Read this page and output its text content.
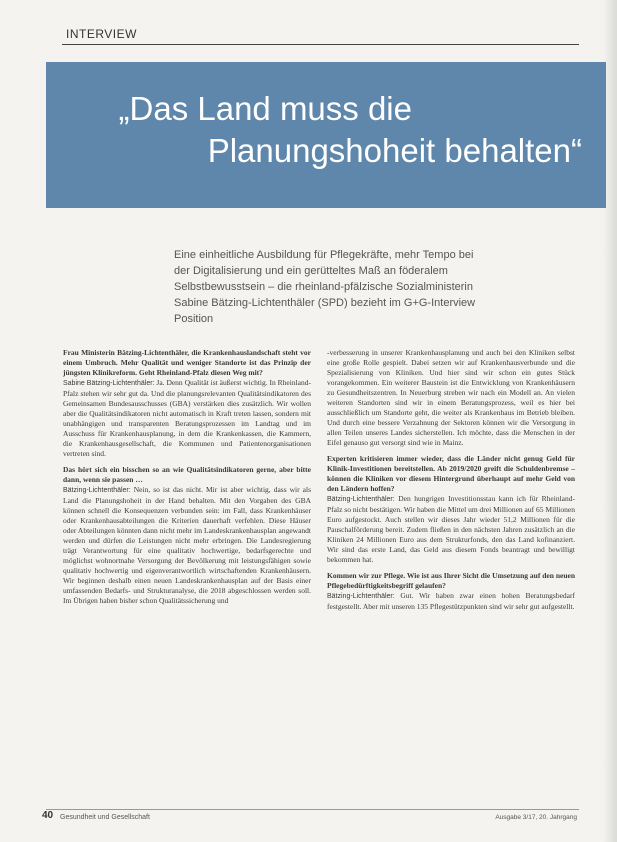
INTERVIEW
„Das Land muss die
Planungshoheit behalten“
Eine einheitliche Ausbildung für Pflegekräfte, mehr Tempo bei der Digitalisierung und ein gerütteltes Maß an föderalem Selbstbewusstsein – die rheinland-pfälzische Sozialministerin Sabine Bätzing-Lichtenthäler (SPD) bezieht im G+G-Interview Position

Frau Ministerin Bätzing-Lichtenthäler, die Krankenhauslandschaft steht vor einem Umbruch. Mehr Qualität und weniger Standorte ist das Prinzip der jüngsten Klinikreform. Geht Rheinland-Pfalz diesen Weg mit?

Sabine Bätzing-Lichtenthäler: Ja. Denn Qualität ist äußerst wichtig. In Rheinland-Pfalz stehen wir sehr gut da. Und die planungsrelevanten Qualitätsindikatoren des Gemeinsamen Bundesausschusses (GBA) verstärken dies zusätzlich. Wir wollen aber die Qualitätsindikatoren nicht automatisch in Kraft treten lassen, sondern mit unabhängigen und transparenten Beratungsprozessen im Landtag und im Ausschuss für Krankenhausplanung, in dem die Krankenkassen, die Kammern, die Krankenhausgesellschaft, die Kommunen und Patientenorganisationen vertreten sind.

Das hört sich ein bisschen so an wie Qualitätsindikatoren gerne, aber bitte dann, wenn sie passen …

Bätzing-Lichtenthäler: Nein, so ist das nicht. Mir ist aber wichtig, dass wir als Land die Planungshoheit in der Hand behalten. Mit den Vorgaben des GBA können schnell die Konsequenzen verbunden sein: im Fall, dass Krankenhäuser oder Krankenhausabteilungen die Kriterien dauerhaft verfehlen. Diese Häuser oder Abteilungen könnten dann nicht mehr im Landeskrankenhausplan angewandt werden und dürfen die Leistungen nicht mehr erbringen. Die Landesregierung trägt Verantwortung für eine qualitativ hochwertige, bedarfsgerechte und möglichst wohnortnahe Versorgung der Bevölkerung mit leistungsfähigen sowie qualitativ hochwertig und eigenverantwortlich wirtschaftenden Krankenhäusern. Wir beginnen deshalb einen neuen Landeskrankenhausplan auf der Basis einer umfassenden Bedarfs- und Strukturanalyse, die 2018 abgeschlossen werden soll. Im Übrigen haben bisher schon Qualitätssicherung und

-verbesserung in unserer Krankenhausplanung und auch bei den Kliniken selbst eine große Rolle gespielt. Dabei setzen wir auf Krankenhausverbunde und die Spezialisierung von Kliniken. Und hier sind wir schon ein gutes Stück vorangekommen. Ein weiterer Baustein ist die Entwicklung von Krankenhäusern zu Gesundheitszentren. In Neuerburg streben wir nach ein Modell an. An vielen weiteren Standorten sind wir in einem Beratungsprozess, weil es hier bei ausschließlich um Standorte geht, die weiter als Krankenhaus im Betrieb bleiben. Und durch eine bessere Verzahnung der Sektoren können wir die Versorgung in allen Teilen unseres Landes sicherstellen. Ich möchte, dass die Menschen in der Eifel genauso gut versorgt sind wie in Mainz.

Experten kritisieren immer wieder, dass die Länder nicht genug Geld für Klinik-Investitionen bereitstellen. Ab 2019/2020 greift die Schuldenbremse – können die Kliniken vor diesem Hintergrund überhaupt auf mehr Geld von den Ländern hoffen?

Bätzing-Lichtenthäler: Den hungrigen Investitionsstau kann ich für Rheinland-Pfalz so nicht bestätigen. Wir haben die Mittel um drei Millionen auf 65 Millionen Euro aufgestockt. Auch stellen wir dieses Jahr wieder 51,2 Millionen für die Pauschalförderung bereit. Zudem fließen in den nächsten Jahren zusätzlich an die Kliniken 24 Millionen Euro aus dem Strukturfonds, den das Land kofinanziert. Wir sind das erste Land, das Geld aus diesem Fonds beantragt und bewilligt bekommen hat.

Kommen wir zur Pflege. Wie ist aus Ihrer Sicht die Umsetzung auf den neuen Pflegebedürftigkeitsbegriff gelaufen?

Bätzing-Lichtenthäler: Gut. Wir haben zwar einen hohen Beratungsbedarf festgestellt. Aber mit unseren 135 Pflegestützpunkten sind wir sehr gut aufgestellt.

40 Gesundheit und Gesellschaft	Ausgabe 3/17, 20. Jahrgang
